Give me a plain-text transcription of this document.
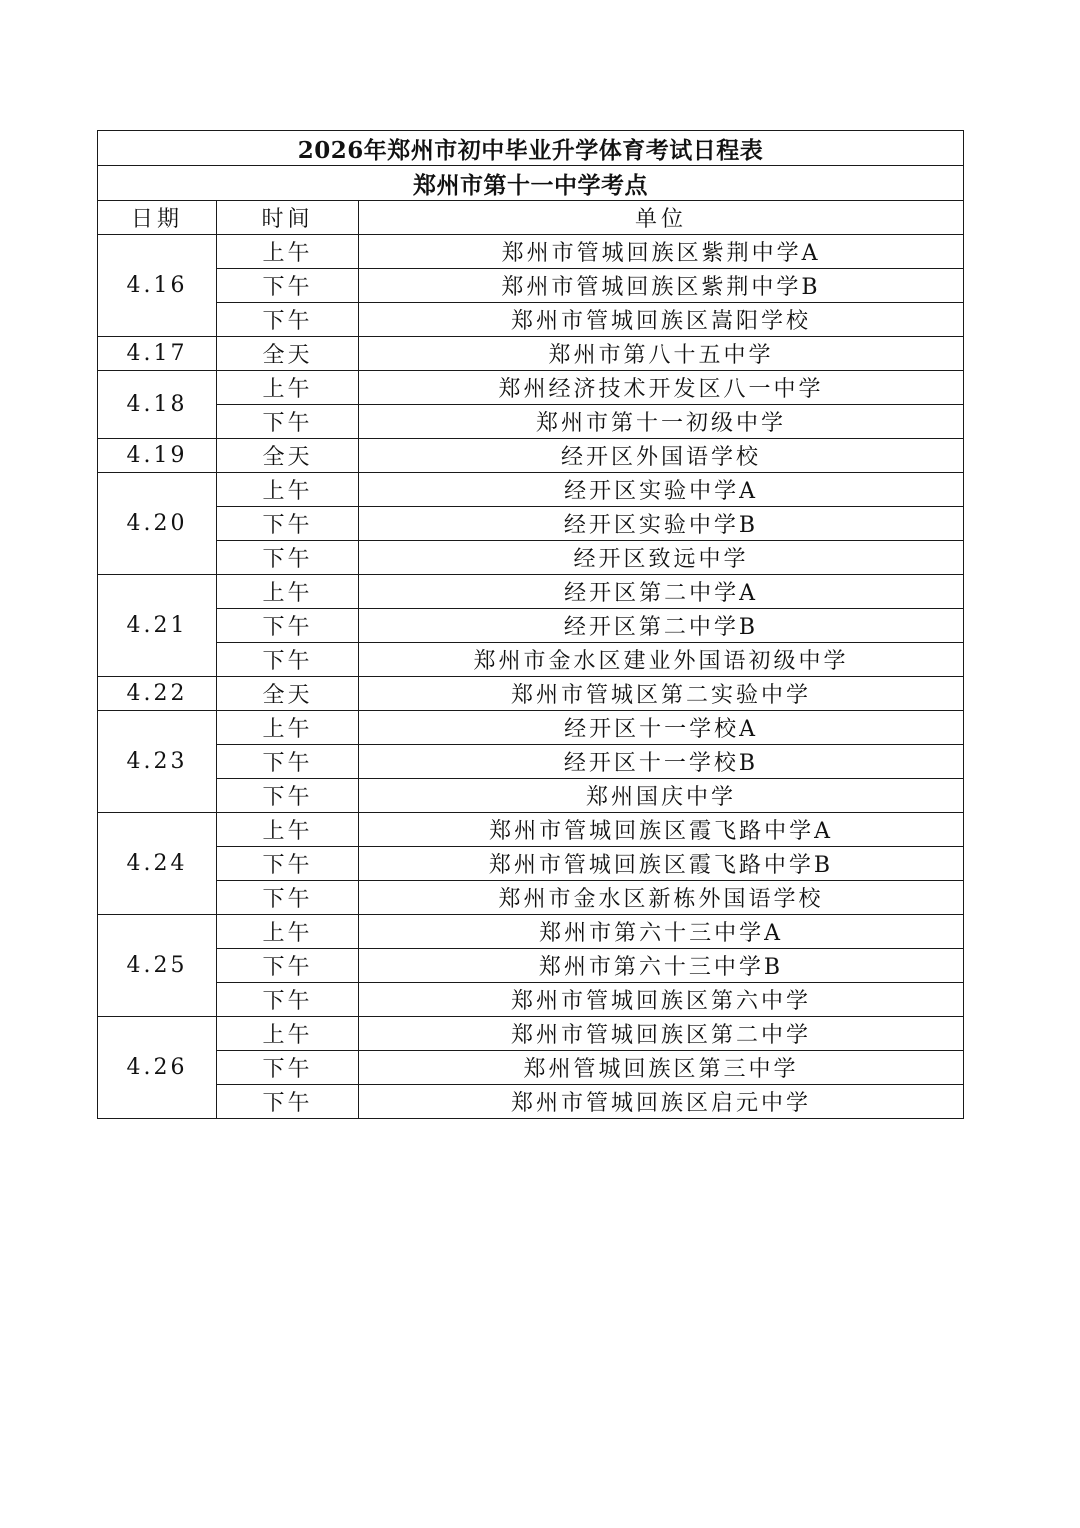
2026年郑州市初中毕业升学体育考试日程表		
郑州市第十一中学考点		
日期	时间	单位
4.16	上午	郑州市管城回族区紫荆中学A
	下午	郑州市管城回族区紫荆中学B
	下午	郑州市管城回族区嵩阳学校
4.17	全天	郑州市第八十五中学
4.18	上午	郑州经济技术开发区八一中学
	下午	郑州市第十一初级中学
4.19	全天	经开区外国语学校
4.20	上午	经开区实验中学A
	下午	经开区实验中学B
	下午	经开区致远中学
4.21	上午	经开区第二中学A
	下午	经开区第二中学B
	下午	郑州市金水区建业外国语初级中学
4.22	全天	郑州市管城区第二实验中学
4.23	上午	经开区十一学校A
	下午	经开区十一学校B
	下午	郑州国庆中学
4.24	上午	郑州市管城回族区霞飞路中学A
	下午	郑州市管城回族区霞飞路中学B
	下午	郑州市金水区新栋外国语学校
4.25	上午	郑州市第六十三中学A
	下午	郑州市第六十三中学B
	下午	郑州市管城回族区第六中学
4.26	上午	郑州市管城回族区第二中学
	下午	郑州管城回族区第三中学
	下午	郑州市管城回族区启元中学
